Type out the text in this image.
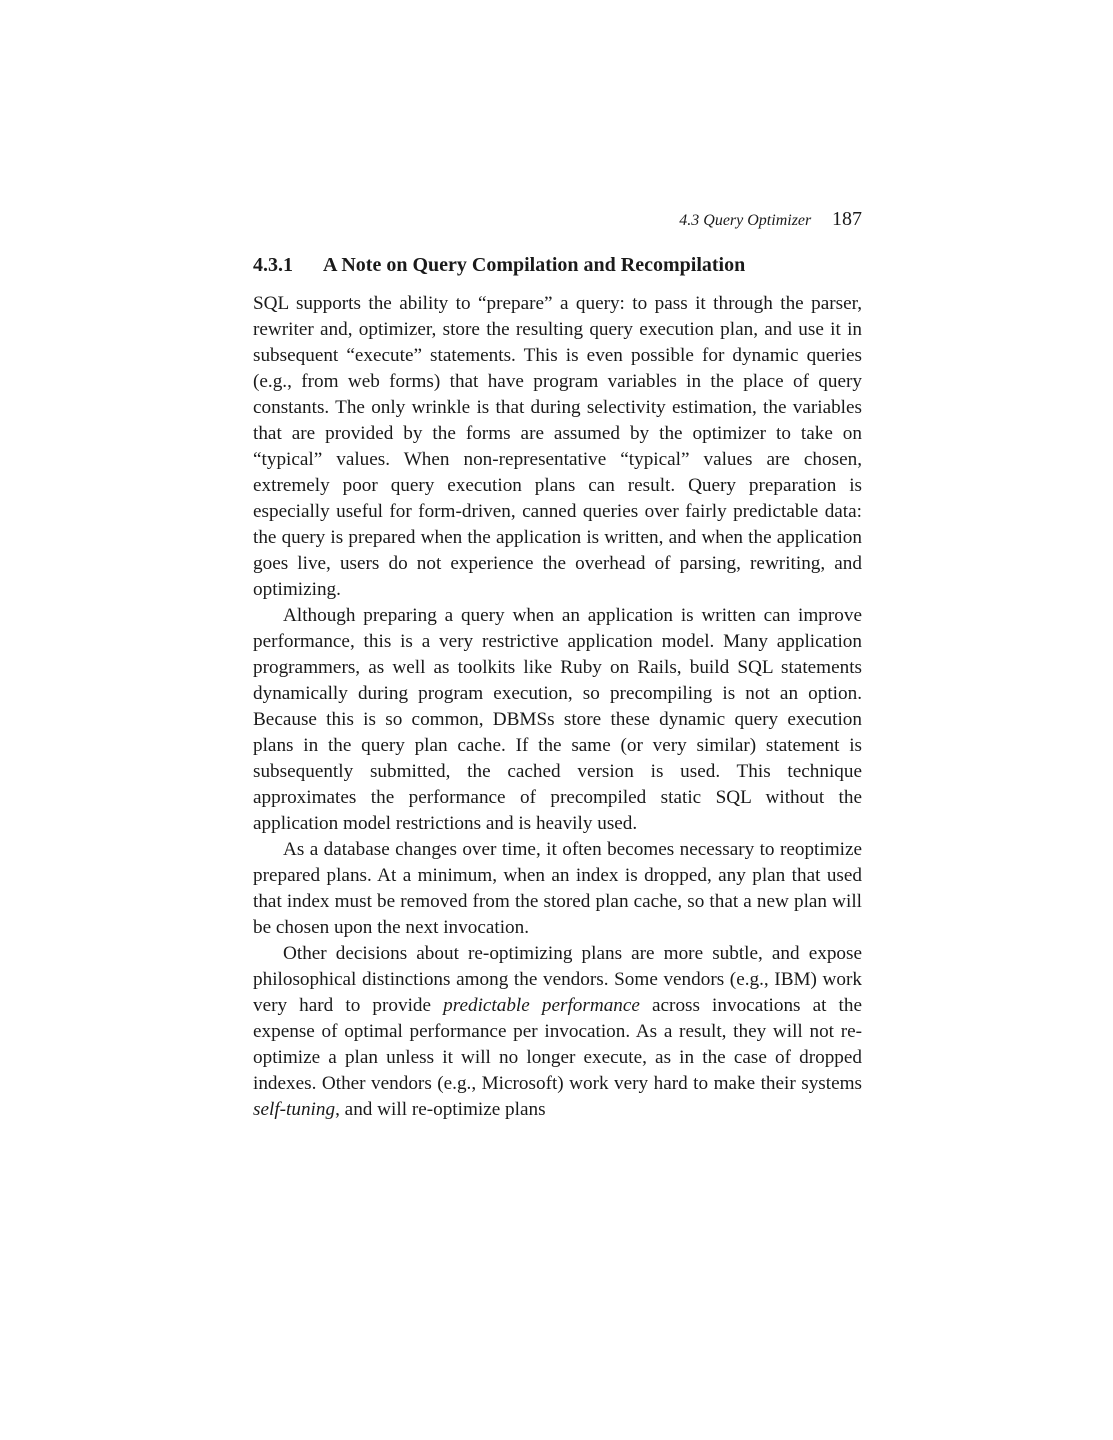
4.3 Query Optimizer 187
4.3.1 A Note on Query Compilation and Recompilation

SQL supports the ability to “prepare” a query: to pass it through the parser, rewriter and, optimizer, store the resulting query execution plan, and use it in subsequent “execute” statements. This is even possible for dynamic queries (e.g., from web forms) that have program variables in the place of query constants. The only wrinkle is that during selectivity estimation, the variables that are provided by the forms are assumed by the optimizer to take on “typical” values. When non-representative “typical” values are chosen, extremely poor query execution plans can result. Query preparation is especially useful for form-driven, canned queries over fairly predictable data: the query is prepared when the application is written, and when the application goes live, users do not experience the overhead of parsing, rewriting, and optimizing.

Although preparing a query when an application is written can improve performance, this is a very restrictive application model. Many application programmers, as well as toolkits like Ruby on Rails, build SQL statements dynamically during program execution, so precompiling is not an option. Because this is so common, DBMSs store these dynamic query execution plans in the query plan cache. If the same (or very similar) statement is subsequently submitted, the cached version is used. This technique approximates the performance of precompiled static SQL without the application model restrictions and is heavily used.

As a database changes over time, it often becomes necessary to reoptimize prepared plans. At a minimum, when an index is dropped, any plan that used that index must be removed from the stored plan cache, so that a new plan will be chosen upon the next invocation.

Other decisions about re-optimizing plans are more subtle, and expose philosophical distinctions among the vendors. Some vendors (e.g., IBM) work very hard to provide predictable performance across invocations at the expense of optimal performance per invocation. As a result, they will not re-optimize a plan unless it will no longer execute, as in the case of dropped indexes. Other vendors (e.g., Microsoft) work very hard to make their systems self-tuning, and will re-optimize plans
